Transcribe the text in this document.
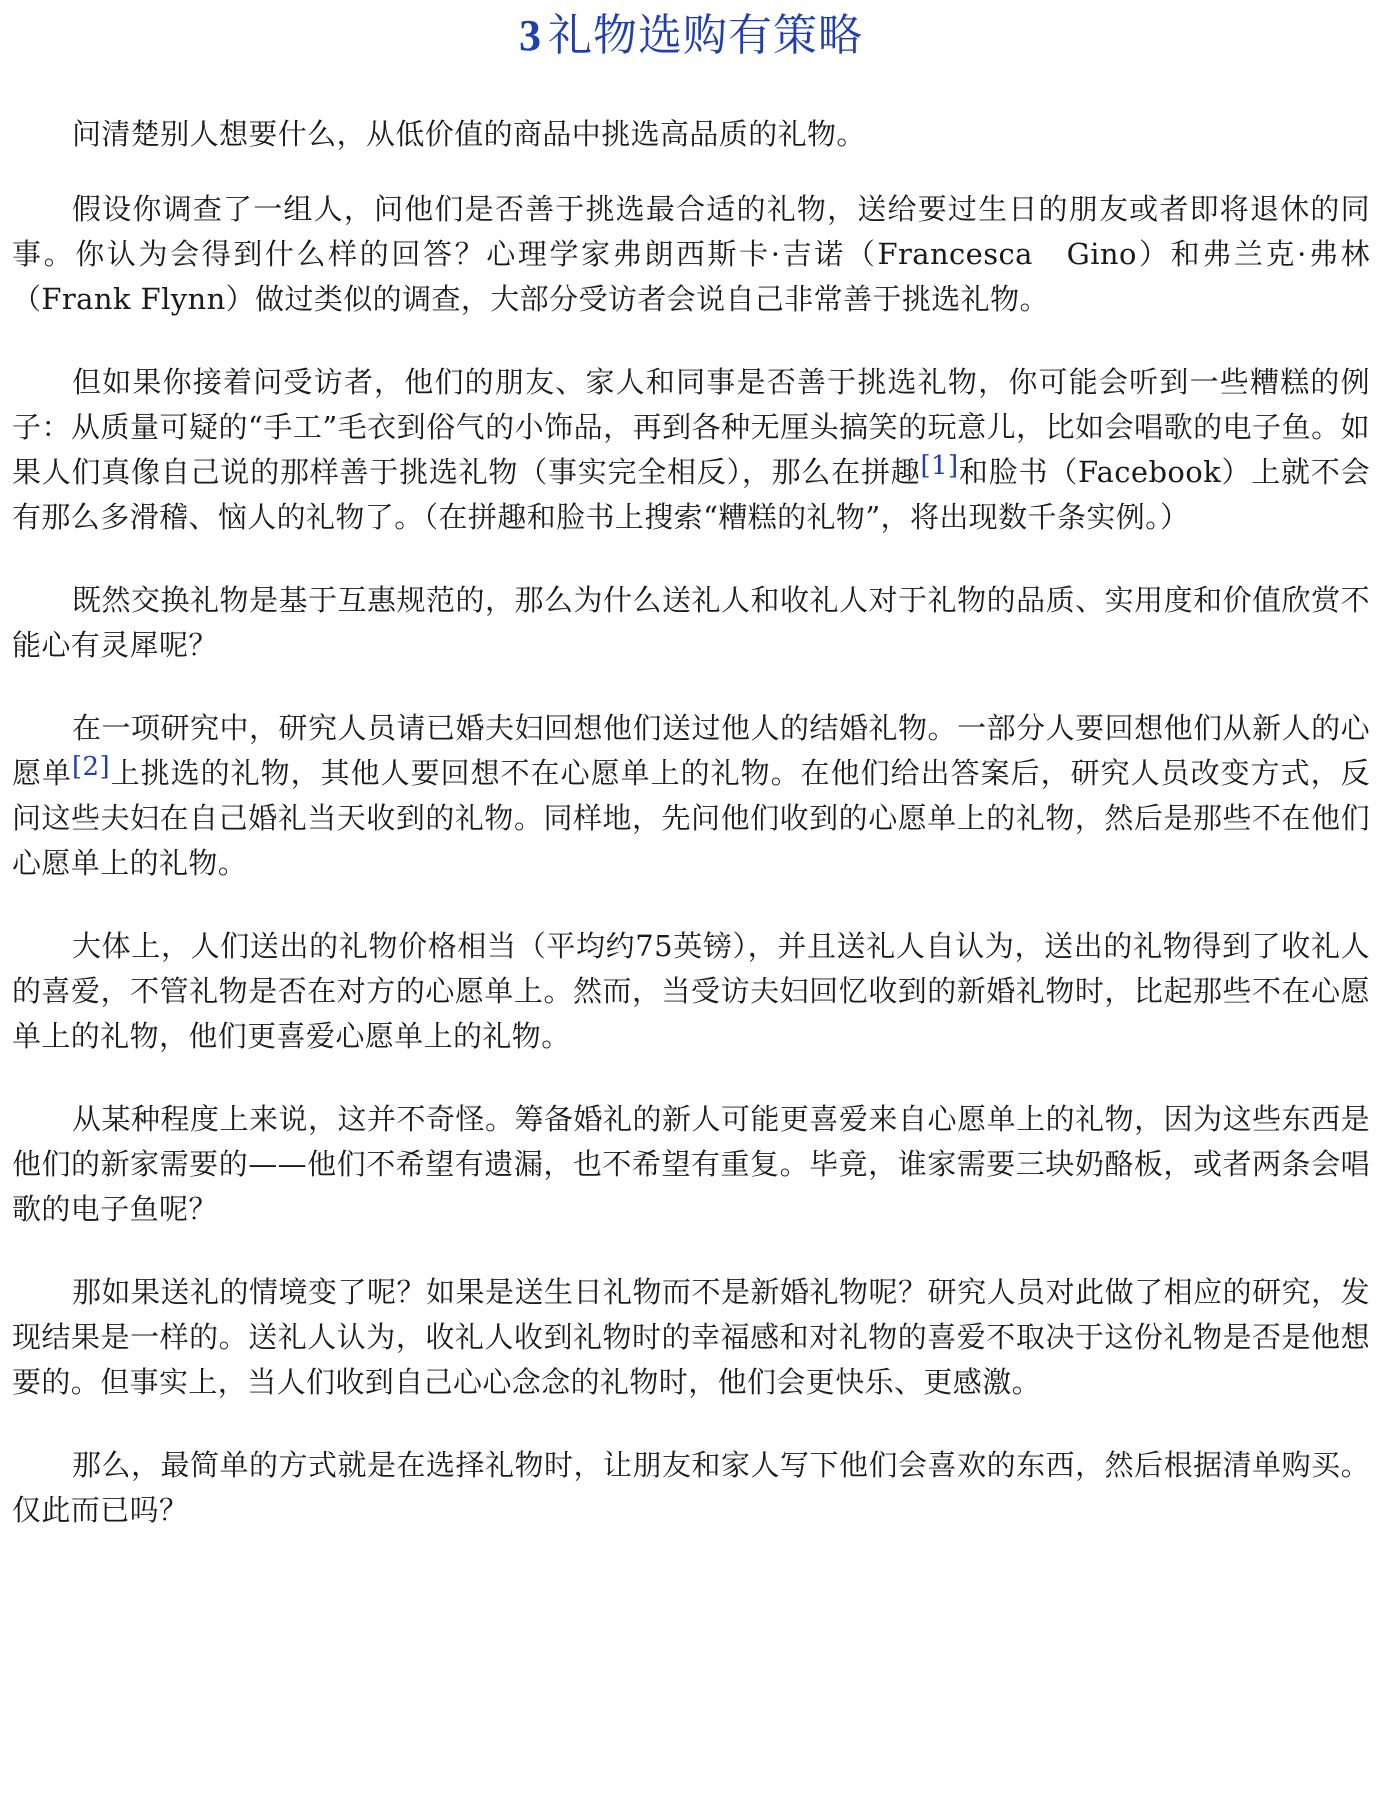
3 礼物选购有策略

问清楚别人想要什么，从低价值的商品中挑选高品质的礼物。

假设你调查了一组人，问他们是否善于挑选最合适的礼物，送给要过生日的朋友或者即将退休的同事。你认为会得到什么样的回答？心理学家弗朗西斯卡·吉诺（Francesca　Gino）和弗兰克·弗林（Frank Flynn）做过类似的调查，大部分受访者会说自己非常善于挑选礼物。

但如果你接着问受访者，他们的朋友、家人和同事是否善于挑选礼物，你可能会听到一些糟糕的例子：从质量可疑的“手工”毛衣到俗气的小饰品，再到各种无厘头搞笑的玩意儿，比如会唱歌的电子鱼。如果人们真像自己说的那样善于挑选礼物（事实完全相反），那么在拼趣[1]和脸书（Facebook）上就不会有那么多滑稽、恼人的礼物了。（在拼趣和脸书上搜索“糟糕的礼物”，将出现数千条实例。）

既然交换礼物是基于互惠规范的，那么为什么送礼人和收礼人对于礼物的品质、实用度和价值欣赏不能心有灵犀呢？

在一项研究中，研究人员请已婚夫妇回想他们送过他人的结婚礼物。一部分人要回想他们从新人的心愿单[2]上挑选的礼物，其他人要回想不在心愿单上的礼物。在他们给出答案后，研究人员改变方式，反问这些夫妇在自己婚礼当天收到的礼物。同样地，先问他们收到的心愿单上的礼物，然后是那些不在他们心愿单上的礼物。

大体上，人们送出的礼物价格相当（平均约75英镑），并且送礼人自认为，送出的礼物得到了收礼人的喜爱，不管礼物是否在对方的心愿单上。然而，当受访夫妇回忆收到的新婚礼物时，比起那些不在心愿单上的礼物，他们更喜爱心愿单上的礼物。

从某种程度上来说，这并不奇怪。筹备婚礼的新人可能更喜爱来自心愿单上的礼物，因为这些东西是他们的新家需要的——他们不希望有遗漏，也不希望有重复。毕竟，谁家需要三块奶酪板，或者两条会唱歌的电子鱼呢？

那如果送礼的情境变了呢？如果是送生日礼物而不是新婚礼物呢？研究人员对此做了相应的研究，发现结果是一样的。送礼人认为，收礼人收到礼物时的幸福感和对礼物的喜爱不取决于这份礼物是否是他想要的。但事实上，当人们收到自己心心念念的礼物时，他们会更快乐、更感激。

那么，最简单的方式就是在选择礼物时，让朋友和家人写下他们会喜欢的东西，然后根据清单购买。仅此而已吗？
